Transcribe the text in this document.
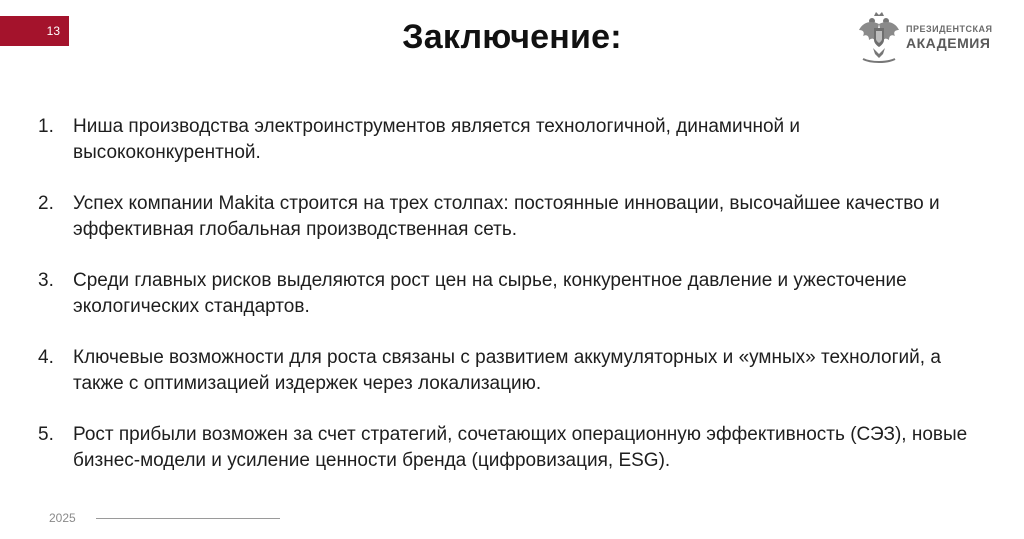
13	Заключение:	ПРЕЗИДЕНТСКАЯ
АКАДЕМИЯ
1.	Ниша производства электроинструментов является технологичной, динамичной и высококонкурентной.
2.	Успех компании Makita строится на трех столпах: постоянные инновации, высочайшее качество и эффективная глобальная производственная сеть.
3.	Среди главных рисков выделяются рост цен на сырье, конкурентное давление и ужесточение экологических стандартов.
4.	Ключевые возможности для роста связаны с развитием аккумуляторных и «умных» технологий, а также с оптимизацией издержек через локализацию.
5.	Рост прибыли возможен за счет стратегий, сочетающих операционную эффективность (СЭЗ), новые бизнес-модели и усиление ценности бренда (цифровизация, ESG).
2025
